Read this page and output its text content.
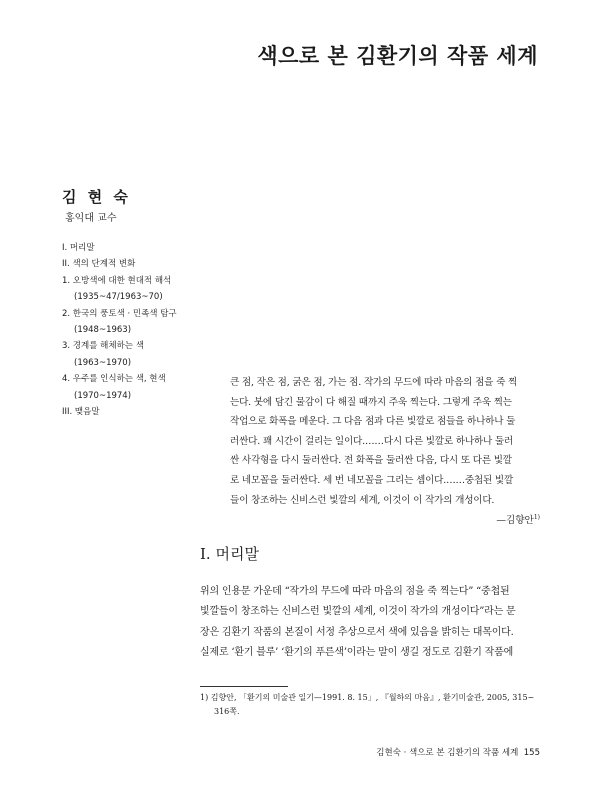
색으로 본 김환기의 작품 세계
김 현 숙
홍익대 교수
I. 머리말
II. 색의 단계적 변화
1. 오방색에 대한 현대적 해석
(1935~47/1963~70)
2. 한국의 풍토색 · 민족색 탐구
(1948~1963)
3. 경계를 해체하는 색
(1963~1970)
4. 우주를 인식하는 색, 현색
(1970~1974)
III. 맺음말
큰 점, 작은 점, 굵은 점, 가는 점. 작가의 무드에 따라 마음의 점을 죽 찍
는다. 붓에 담긴 물감이 다 해질 때까지 주욱 찍는다. 그렇게 주욱 찍는
작업으로 화폭을 메운다. 그 다음 점과 다른 빛깔로 점들을 하나하나 둘
러싼다. 꽤 시간이 걸리는 일이다.……다시 다른 빛깔로 하나하나 둘러
싼 사각형을 다시 둘러싼다. 전 화폭을 둘러싼 다음, 다시 또 다른 빛깔
로 네모꼴을 둘러싼다. 세 번 네모꼴을 그리는 셈이다.……중첩된 빛깔
들이 창조하는 신비스런 빛깔의 세계, 이것이 이 작가의 개성이다.
—김향안$^{1)}$
I. 머리말
위의 인용문 가운데 “작가의 무드에 따라 마음의 점을 죽 찍는다” “중첩된
빛깔들이 창조하는 신비스런 빛깔의 세계, 이것이 작가의 개성이다”라는 문
장은 김환기 작품의 본질이 서정 추상으로서 색에 있음을 밝히는 대목이다.
실제로 ‘환기 블루’ ‘환기의 푸른색’이라는 말이 생길 정도로 김환기 작품에
1) 김향안, 「환기의 미술관 일기—1991. 8. 15」, 『월하의 마음』, 환기미술관, 2005, 315~
316쪽.
김현숙 · 색으로 본 김환기의 작품 세계 155
